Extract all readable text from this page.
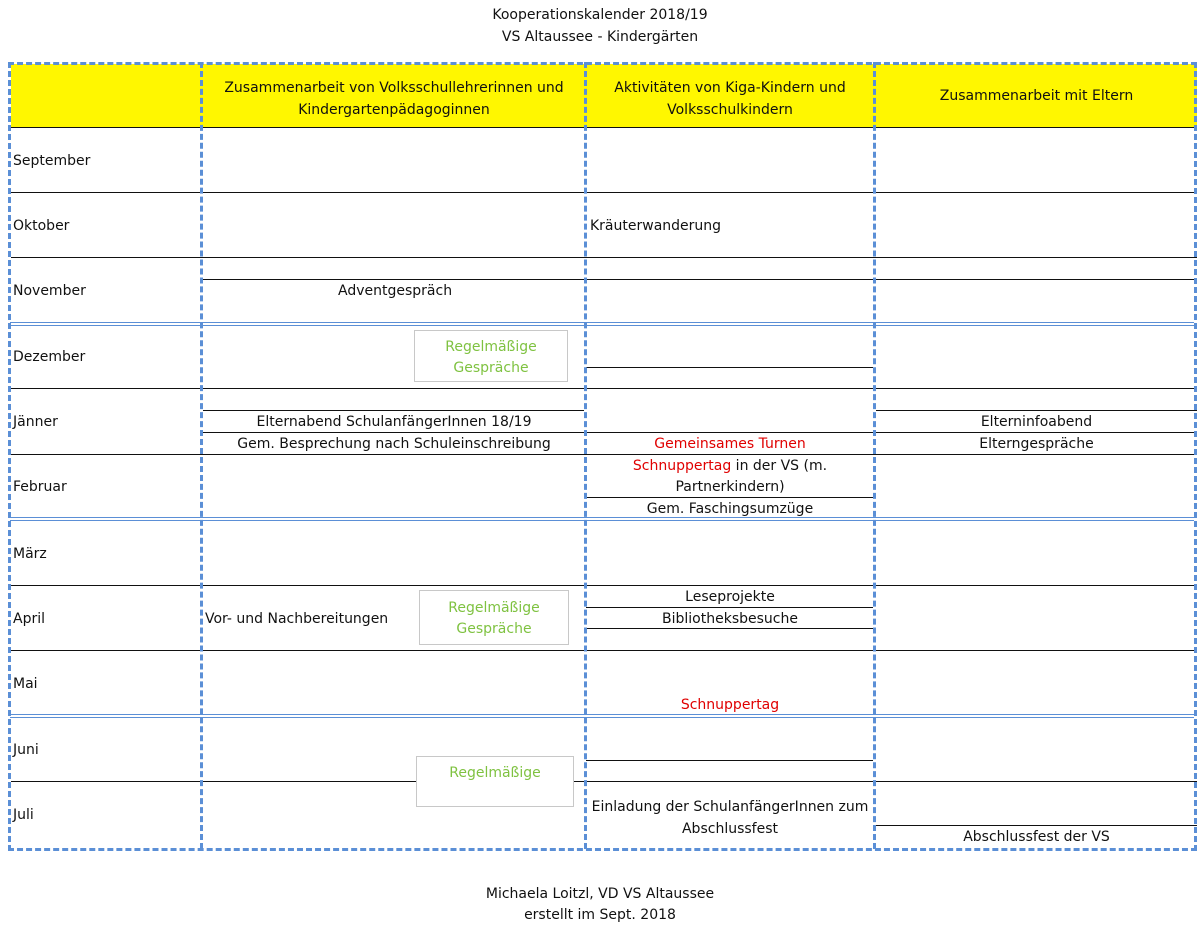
Kooperationskalender 2018/19
VS Altaussee - Kindergärten
Zusammenarbeit von Volksschullehrerinnen und
Kindergartenpädagoginnen
Aktivitäten von Kiga-Kindern und
Volksschulkindern
Zusammenarbeit mit Eltern
September
Oktober
November
Dezember
Jänner
Februar
März
April
Mai
Juni
Juli
Kräuterwanderung
Adventgespräch
Regelmäßige
Gespräche
Elternabend SchulanfängerInnen 18/19
Gem. Besprechung nach Schuleinschreibung	Gemeinsames Turnen
Elterninfoabend
Elterngespräche
Schnuppertag in der VS (m.
Partnerkindern)
Gem. Faschingsumzüge
Leseprojekte
Bibliotheksbesuche
Vor- und Nachbereitungen
Regelmäßige
Gespräche
Schnuppertag
Regelmäßige
Einladung der SchulanfängerInnen zum
Abschlussfest	Abschlussfest der VS
Michaela Loitzl, VD VS Altaussee
erstellt im Sept. 2018
